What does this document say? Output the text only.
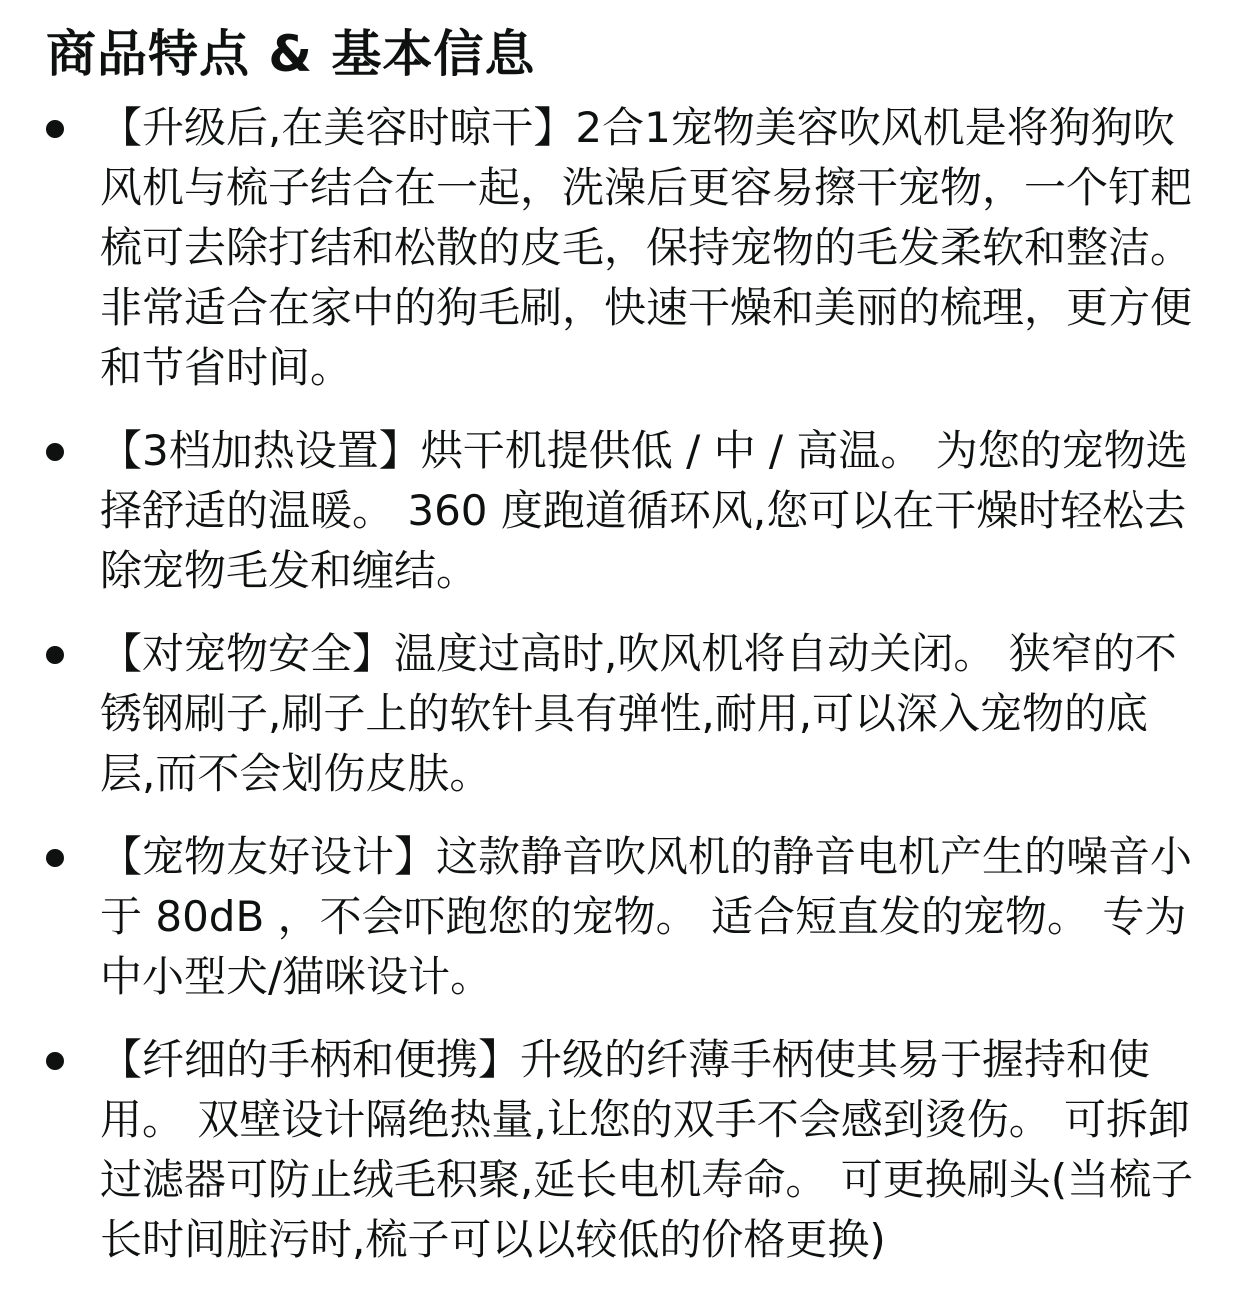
商品特点 & 基本信息
【升级后,在美容时晾干】2合1宠物美容吹风机是将狗狗吹风机与梳子结合在一起，洗澡后更容易擦干宠物，一个钉耙梳可去除打结和松散的皮毛，保持宠物的毛发柔软和整洁。 非常适合在家中的狗毛刷，快速干燥和美丽的梳理，更方便和节省时间。
【3档加热设置】烘干机提供低 / 中 / 高温。 为您的宠物选择舒适的温暖。 360 度跑道循环风,您可以在干燥时轻松去除宠物毛发和缠结。
【对宠物安全】温度过高时,吹风机将自动关闭。 狭窄的不锈钢刷子,刷子上的软针具有弹性,耐用,可以深入宠物的底层,而不会划伤皮肤。
【宠物友好设计】这款静音吹风机的静音电机产生的噪音小于 80dB ，不会吓跑您的宠物。 适合短直发的宠物。 专为中小型犬/猫咪设计。
【纤细的手柄和便携】升级的纤薄手柄使其易于握持和使用。 双壁设计隔绝热量,让您的双手不会感到烫伤。 可拆卸过滤器可防止绒毛积聚,延长电机寿命。 可更换刷头(当梳子长时间脏污时,梳子可以以较低的价格更换)
